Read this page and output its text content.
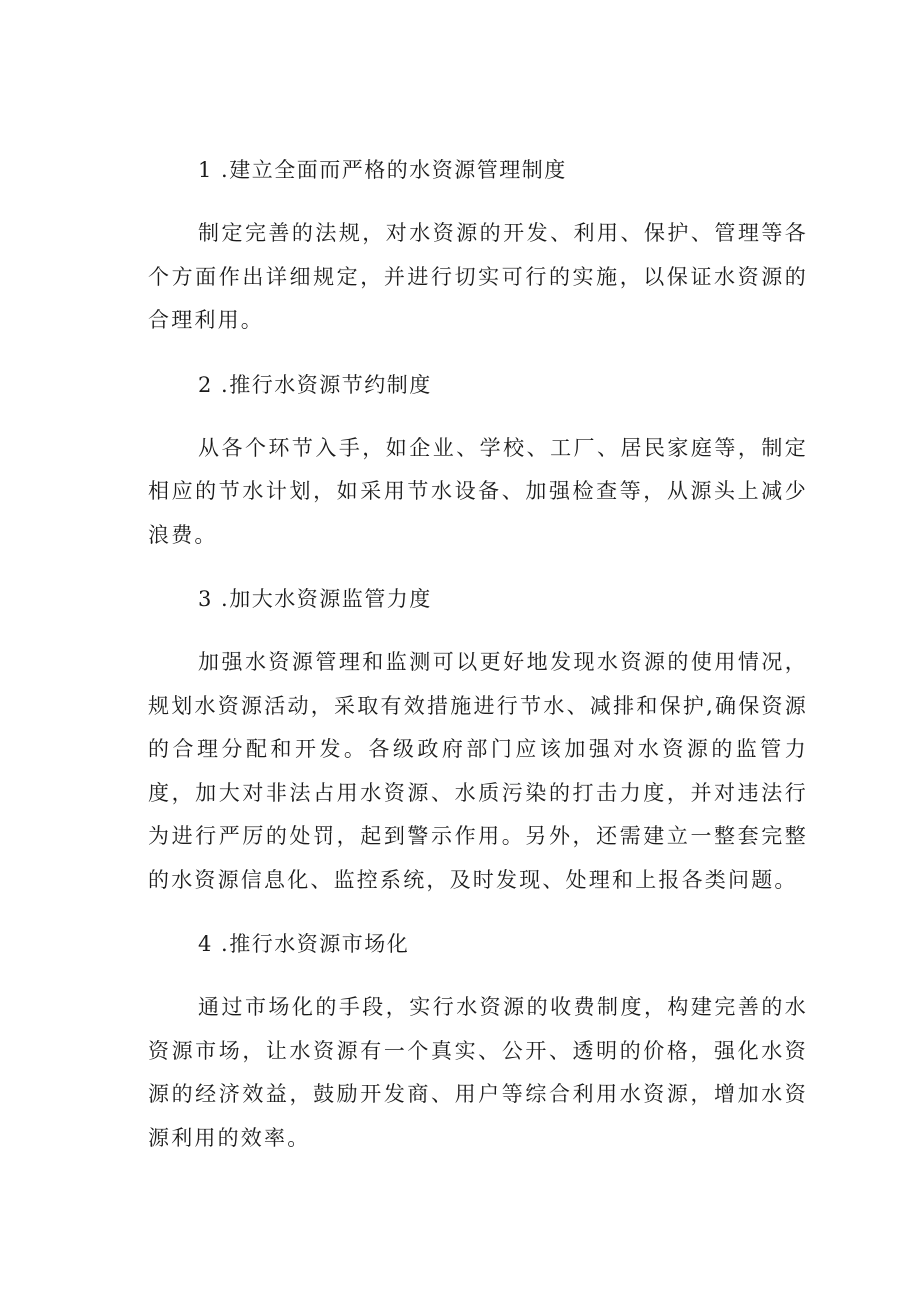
1 .建立全面而严格的水资源管理制度

制定完善的法规，对水资源的开发、利用、保护、管理等各个方面作出详细规定，并进行切实可行的实施，以保证水资源的合理利用。

2 .推行水资源节约制度

从各个环节入手，如企业、学校、工厂、居民家庭等，制定相应的节水计划，如采用节水设备、加强检查等，从源头上减少浪费。

3 .加大水资源监管力度

加强水资源管理和监测可以更好地发现水资源的使用情况，规划水资源活动，采取有效措施进行节水、减排和保护,确保资源的合理分配和开发。各级政府部门应该加强对水资源的监管力度，加大对非法占用水资源、水质污染的打击力度，并对违法行为进行严厉的处罚，起到警示作用。另外，还需建立一整套完整的水资源信息化、监控系统，及时发现、处理和上报各类问题。

4 .推行水资源市场化

通过市场化的手段，实行水资源的收费制度，构建完善的水资源市场，让水资源有一个真实、公开、透明的价格，强化水资源的经济效益，鼓励开发商、用户等综合利用水资源，增加水资源利用的效率。
